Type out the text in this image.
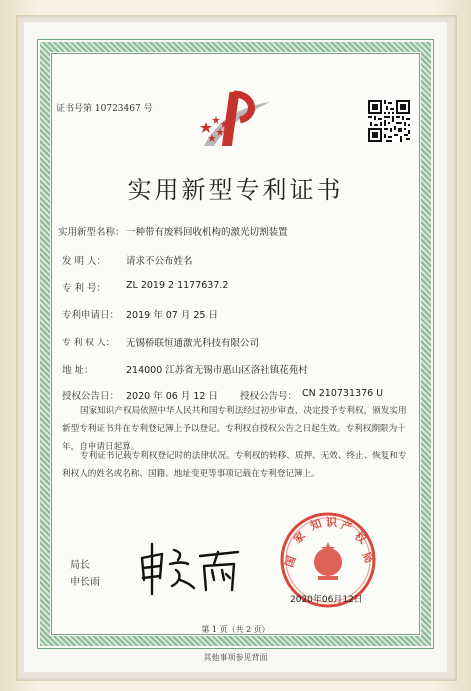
证书号第 10723467 号
实用新型专利证书
实用新型名称： 一种带有废料回收机构的激光切割装置
发 明 人： 请求不公布姓名
专 利 号： ZL 2019 2 1177637.2
专利申请日： 2019 年 07 月 25 日
专 利 权 人： 无锡桥联恒通激光科技有限公司
地 址：	214000 江苏省无锡市惠山区洛社镇花苑村
授权公告日： 2020 年 06 月 12 日 授权公告号： CN 210731376 U
国家知识产权局依照中华人民共和国专利法经过初步审查，决定授予专利权，颁发实用新型专利证书并在专利登记簿上予以登记。专利权自授权公告之日起生效。专利权期限为十年，自申请日起算。
专利证书记载专利权登记时的法律状况。专利权的转移、质押、无效、终止、恢复和专利权人的姓名或名称、国籍、地址变更等事项记载在专利登记簿上。
局长
申长雨
国
家
知 识 产
权
局
2020年06月12日
第 1 页（共 2 页）
其他事项参见背面
